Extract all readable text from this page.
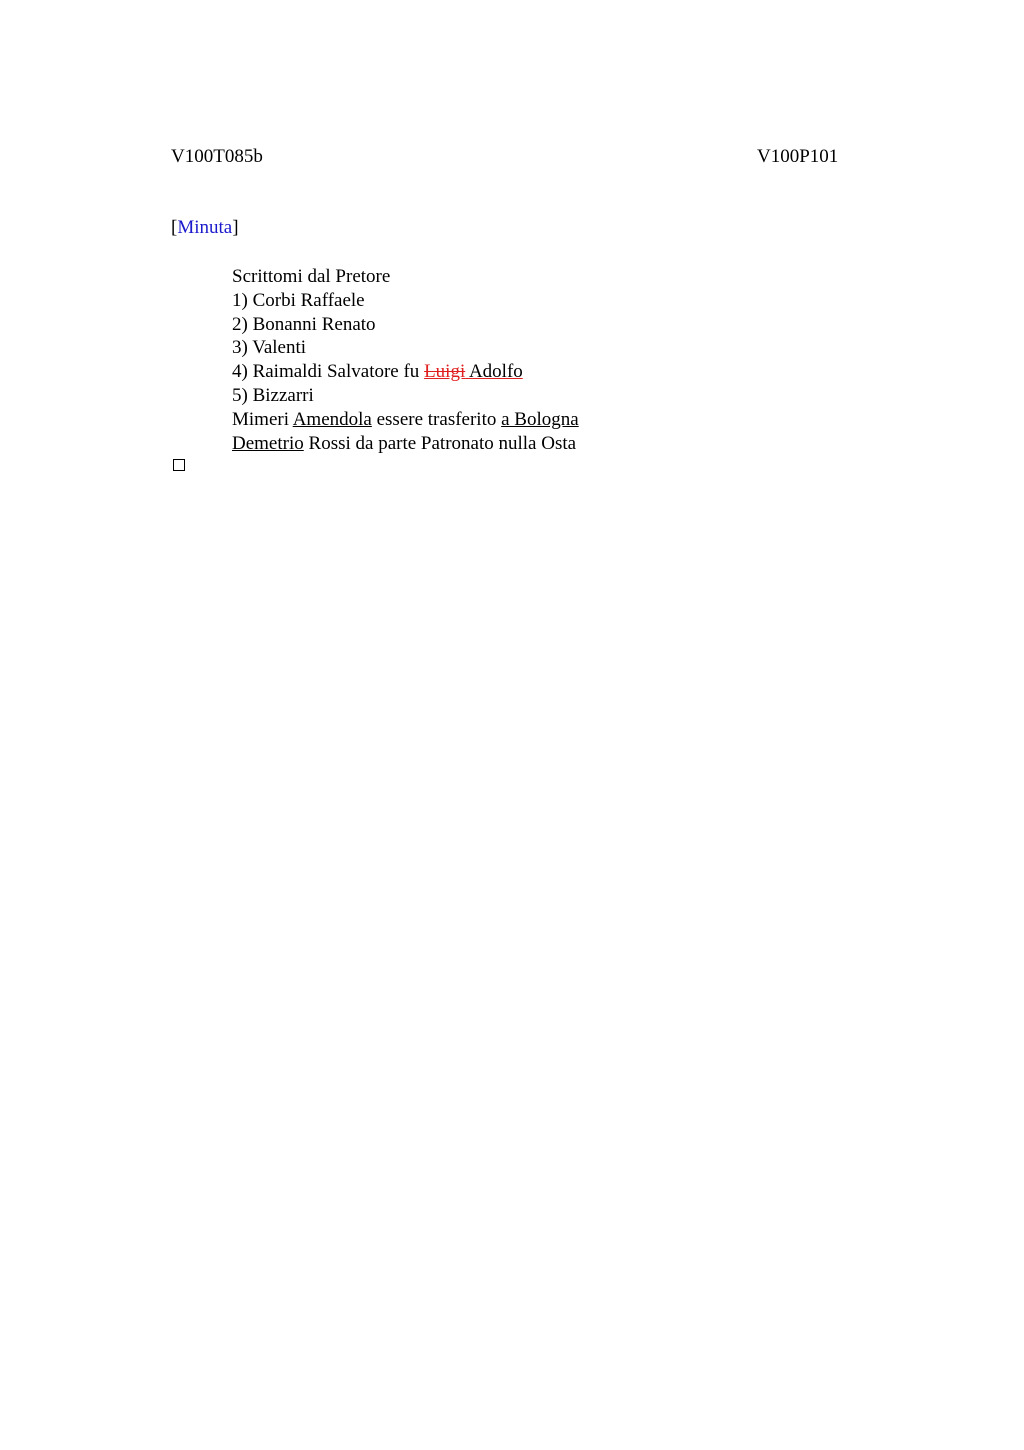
V100T085b	V100P101
[Minuta]
Scrittomi dal Pretore
1) Corbi Raffaele
2) Bonanni Renato
3) Valenti
4) Raimaldi Salvatore fu Luigi Adolfo
5) Bizzarri
Mimeri Amendola essere trasferito a Bologna
Demetrio Rossi da parte Patronato nulla Osta
